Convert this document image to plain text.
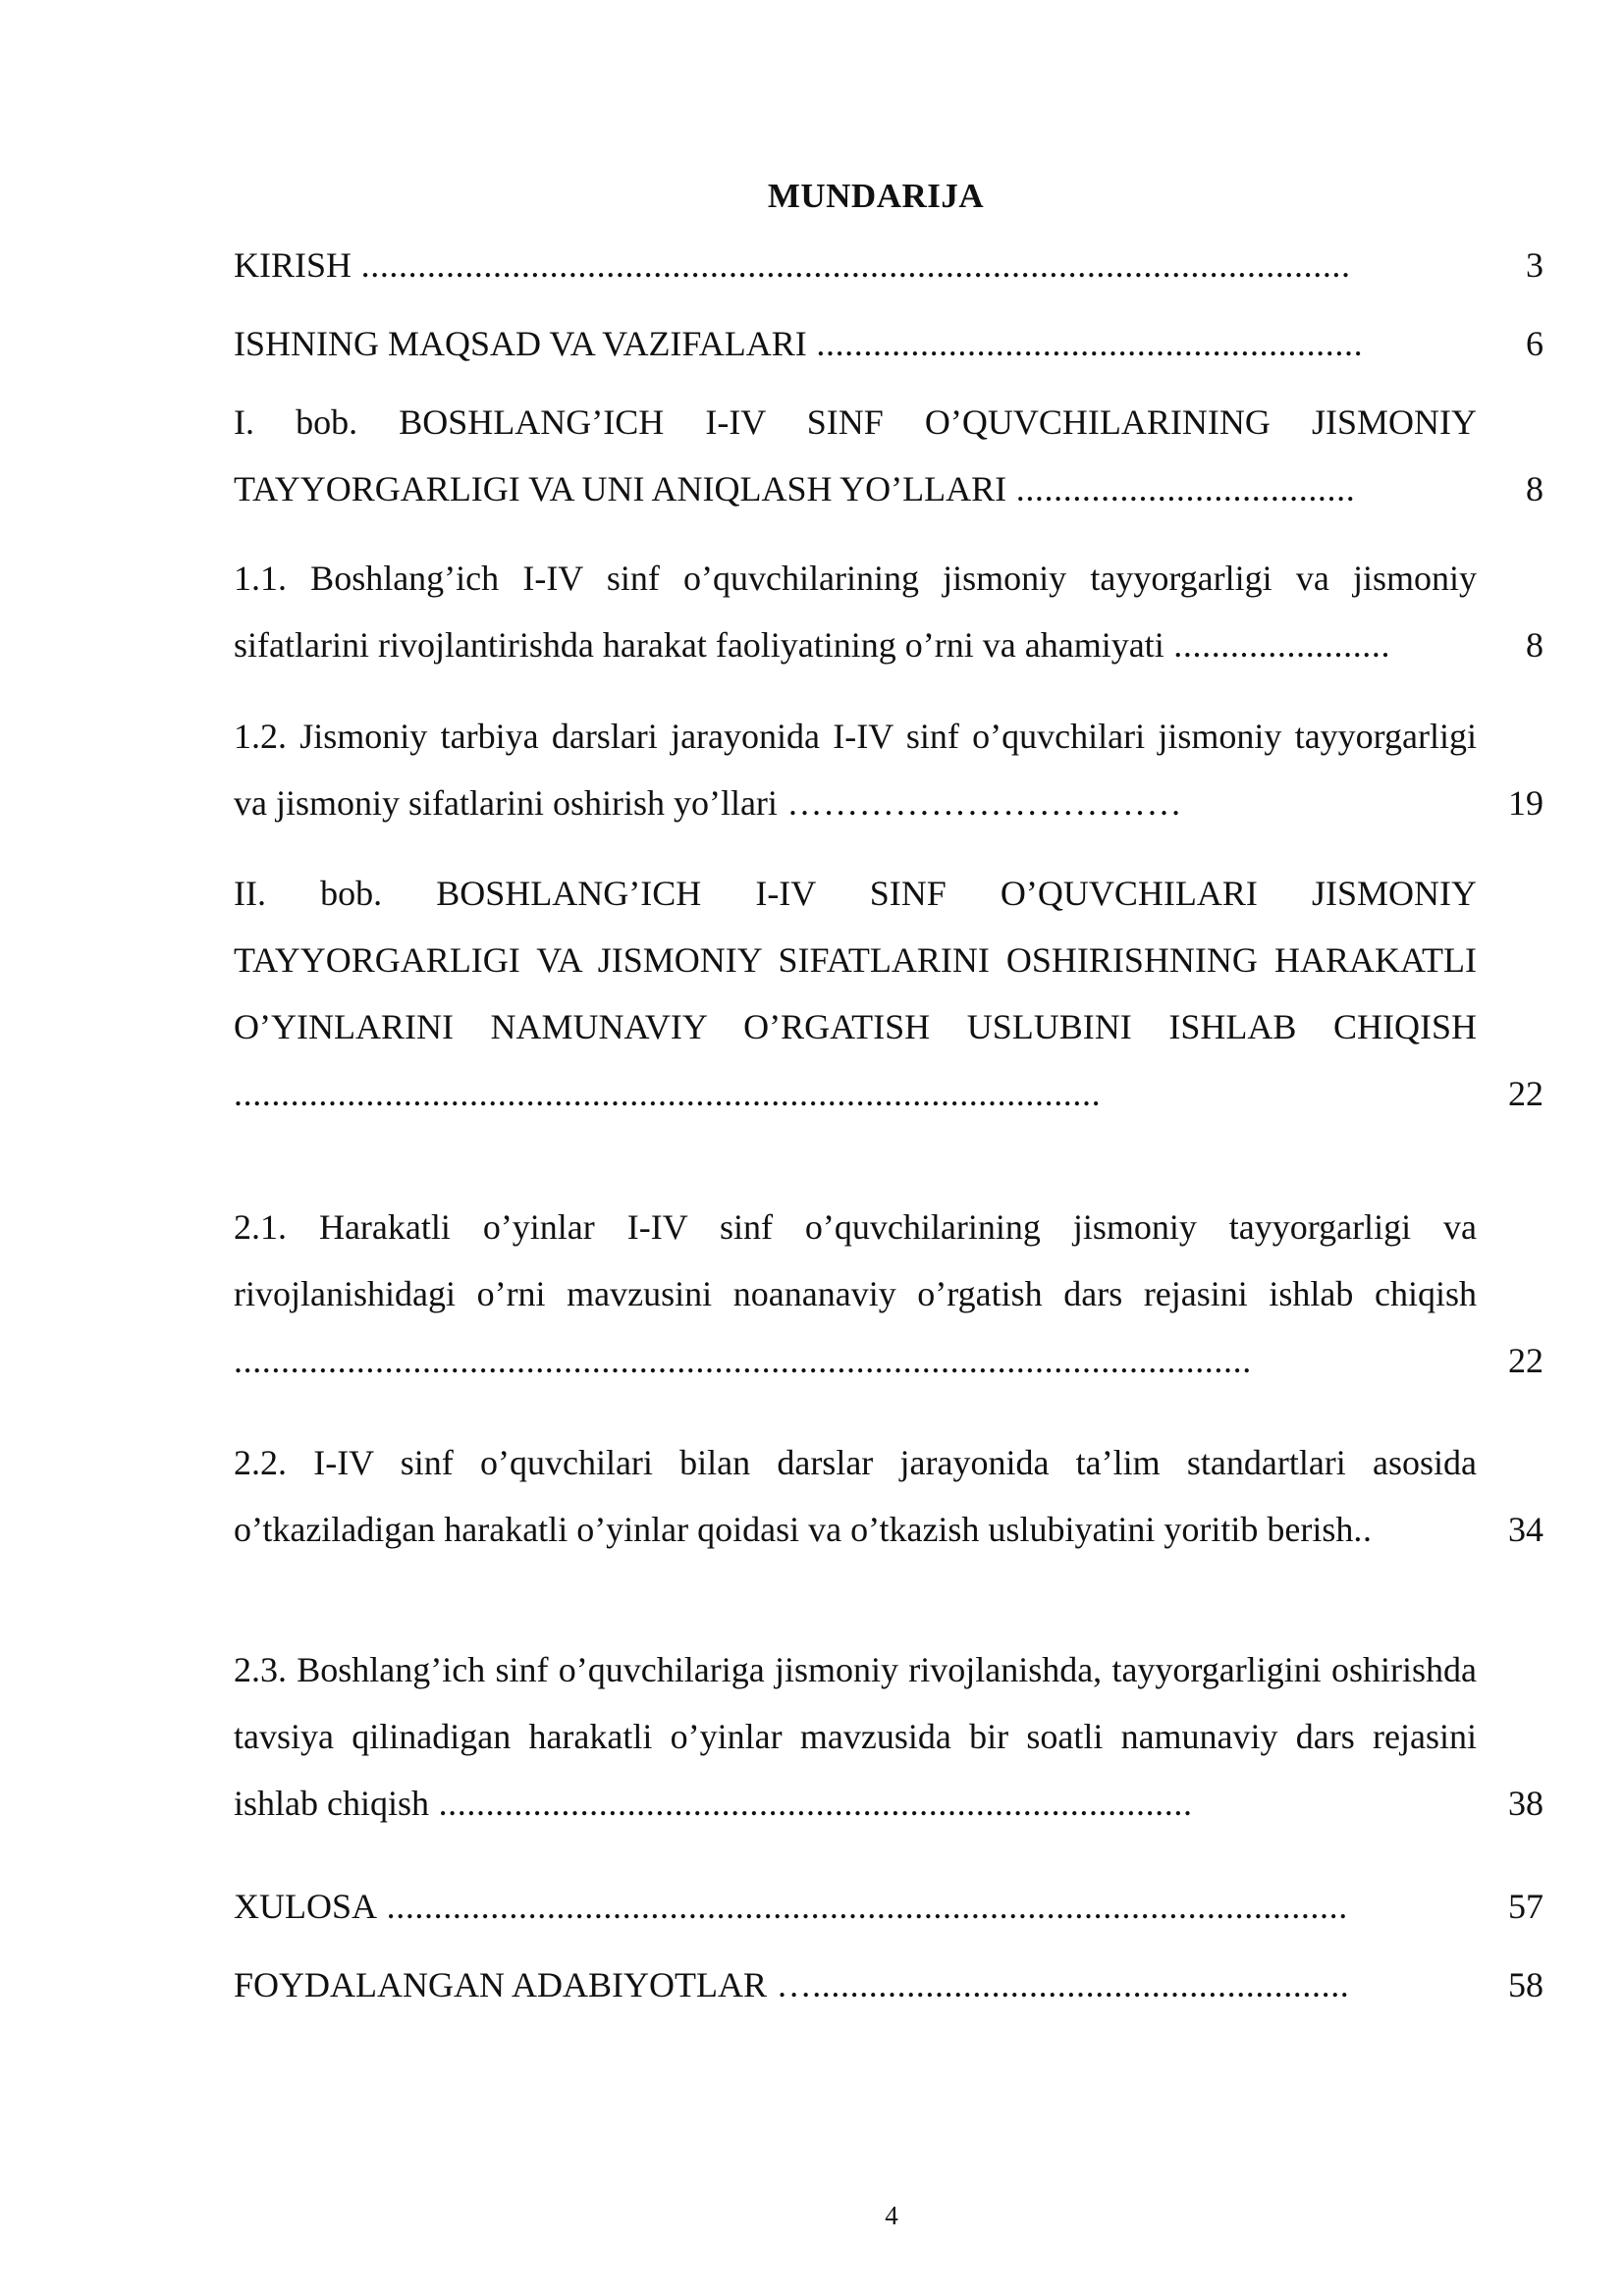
MUNDARIJA
KIRISH .........................................................................................................	3
ISHNING MAQSAD VA VAZIFALARI ..........................................................	6
I. bob. BOSHLANG’ICH I-IV SINF O’QUVCHILARINING JISMONIY TAYYORGARLIGI VA UNI ANIQLASH YO’LLARI ....................................	8
1.1. Boshlang’ich I-IV sinf o’quvchilarining jismoniy tayyorgarligi va jismoniy sifatlarini rivojlantirishda harakat faoliyatining o’rni va ahamiyati .......................	8
1.2. Jismoniy tarbiya darslari jarayonida I-IV sinf o’quvchilari jismoniy tayyorgarligi va jismoniy sifatlarini oshirish yo’llari ……………………………	19
II. bob. BOSHLANG’ICH I-IV SINF O’QUVCHILARI JISMONIY TAYYORGARLIGI VA JISMONIY SIFATLARINI OSHIRISHNING HARAKATLI O’YINLARINI NAMUNAVIY O’RGATISH USLUBINI ISHLAB CHIQISH ............................................................................................	22
2.1. Harakatli o’yinlar I-IV sinf o’quvchilarining jismoniy tayyorgarligi va rivojlanishidagi o’rni mavzusini noananaviy o’rgatish dars rejasini ishlab chiqish ............................................................................................................	22
2.2. I-IV sinf o’quvchilari bilan darslar jarayonida ta’lim standartlari asosida o’tkaziladigan harakatli o’yinlar qoidasi va o’tkazish uslubiyatini yoritib berish..	34
2.3. Boshlang’ich sinf o’quvchilariga jismoniy rivojlanishda, tayyorgarligini oshirishda tavsiya qilinadigan harakatli o’yinlar mavzusida bir soatli namunaviy dars rejasini ishlab chiqish ................................................................................	38
XULOSA ......................................................................................................	57
FOYDALANGAN ADABIYOTLAR ….........................................................	58
4
